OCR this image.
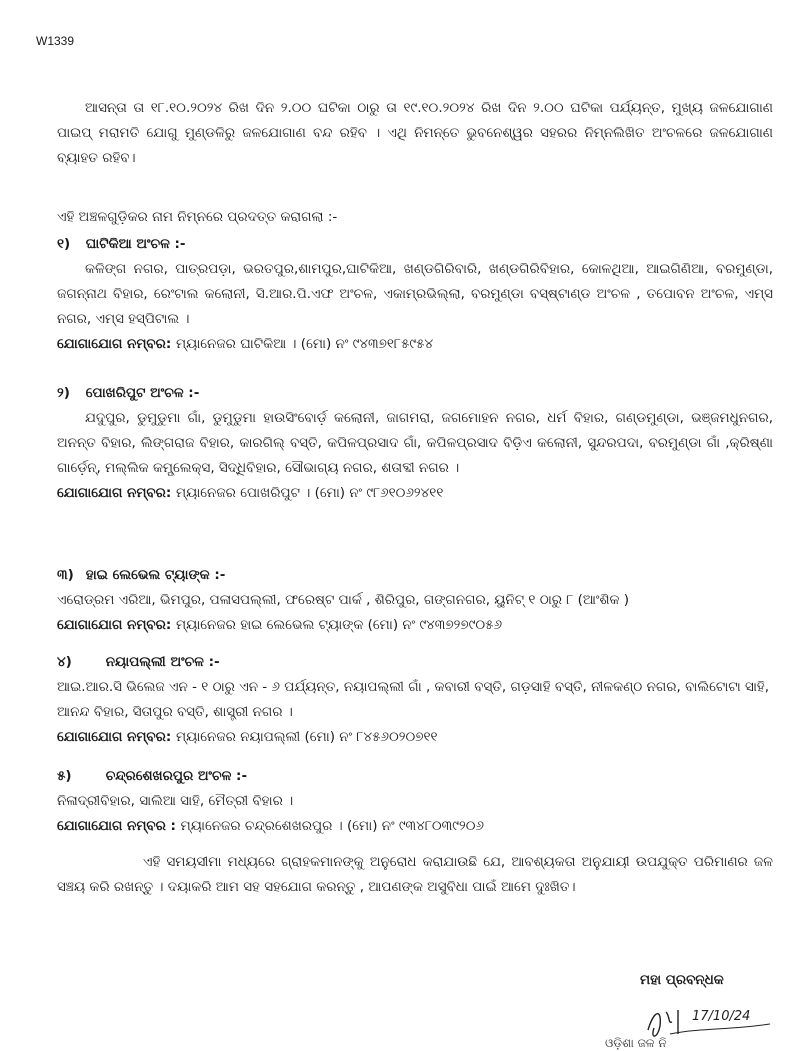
W1339
ଆସନ୍ତା ତା ୧୮.୧୦.୨୦୨୪ ରିଖ ଦିନ ୨.୦୦ ଘଟିକା ଠାରୁ ତା ୧୯.୧୦.୨୦୨୪ ରିଖ ଦିନ ୨.୦୦ ଘଟିକା ପର୍ଯ୍ୟନ୍ତ, ମୁଖ୍ୟ ଜଳଯୋଗାଣ ପାଇପ୍ ମରାମତି ଯୋଗୁ ମୁଣ୍ଡଳିରୁ ଜଳଯୋଗାଣ ବନ୍ଦ ରହିବ । ଏଥି ନିମନ୍ତେ ଭୁବନେଶ୍ୱର ସହରର ନିମ୍ନଲିଖିତ ଅଂଚଳରେ ଜଳଯୋଗାଣ ବ୍ୟାହତ ରହିବ।
ଏହି ଅଞ୍ଚଳଗୁଡ଼ିକର ନାମ ନିମ୍ନରେ ପ୍ରଦତ୍ତ କରାଗଲା :-
୧) ଘାଟିକିଆ ଅଂଚଳ :-
କଳିଙ୍ଗ ନଗର, ପାତ୍ରପଡ଼ା, ଭରତପୁର,ଶାମପୁର,ଘାଟିକିଆ, ଖଣ୍ଡଗିରିବାରି, ଖଣ୍ଡଗିରିବିହାର, କୋଳଥିଆ, ଆଇଗିଣିଆ, ବରମୁଣ୍ଡା, ଜଗନ୍ନାଥ ବିହାର, ରେଂଟାଲ କଲୋନୀ, ସି.ଆର.ପି.ଏଫ ଅଂଚଳ, ଏକାମ୍ରଭିଲ୍ଲା, ବରମୁଣ୍ଡା ବସ୍‌ଷ୍ଟାଣ୍ଡ ଅଂଚଳ , ତପୋବନ ଅଂଚଳ, ଏମ୍ସ ନଗର, ଏମ୍ସ ହସ୍ପିଟାଲ ।
ଯୋଗାଯୋଗ ନମ୍ବର: ମ୍ୟାନେଜର ଘାଟିକିଆ । (ମୋ) ନଂ ୯୪୩୭୧୮୫୯୫୪
୨) ପୋଖରିପୁଟ ଅଂଚଳ :-
ଯଦୁପୁର, ଡୁମୁଡୁମା ଗାଁ, ଡୁମୁଡୁମା ହାଉସିଂବୋର୍ଡ଼ କଲୋନୀ, ଜାଗମରା, ଜଗମୋହନ ନଗର, ଧର୍ମ ବିହାର, ଗଣ୍ଡମୁଣ୍ଡା, ଭଞ୍ଜମଧୁନଗର, ଅନନ୍ତ ବିହାର, ଲିଙ୍ଗରାଜ ବିହାର, କାରଗିଲ୍ ବସ୍ତି, କପିଳପ୍ରସାଦ ଗାଁ, କପିଳପ୍ରସାଦ ବିଡ଼ିଏ କଲୋନୀ, ସୁନ୍ଦରପଦା, ବରମୁଣ୍ଡା ଗାଁ ,କ୍ରିଷ୍ଣା ଗାର୍ଡ଼େନ୍, ମଲ୍ଲିକ କମ୍ପ୍ଲେକ୍ସ, ସିଦ୍ଧିବିହାର, ସୌଭାଗ୍ୟ ନଗର, ଶତାବ୍ଦୀ ନଗର ।
ଯୋଗାଯୋଗ ନମ୍ବର: ମ୍ୟାନେଜର ପୋଖରିପୁଟ । (ମୋ) ନଂ ୯୮୬୧୦୬୨୪୧୧
୩) ହାଇ ଲେଭେଲ ଟ୍ୟାଙ୍କ :-
ଏରୋଡ୍ରମ ଏରିଆ, ଭିମପୁର, ପଳାସପଲ୍ଲୀ, ଫରେଷ୍ଟ ପାର୍କ , ଶିରିପୁର, ଗଙ୍ଗନଗର, ୟୁନିଟ୍ ୧ ଠାରୁ ୮ (ଆଂଶିକ )
ଯୋଗାଯୋଗ ନମ୍ବର: ମ୍ୟାନେଜର ହାଇ ଲେଭେଲ ଟ୍ୟାଙ୍କ (ମୋ) ନଂ ୯୪୩୭୨୭୯୦୫୬
୪)	ନୟାପଲ୍ଲୀ ଅଂଚଳ :-
ଆଇ.ଆର.ସି ଭିଲେଜ ଏନ - ୧ ଠାରୁ ଏନ - ୬ ପର୍ଯ୍ୟନ୍ତ, ନୟାପଲ୍ଲୀ ଗାଁ , କବାରୀ ବସ୍ତି, ଗଡ଼ସାହି ବସ୍ତି, ନୀଳକଣ୍ଠ ନଗର, ବାଲିଟୋଟା ସାହି, ଆନନ୍ଦ ବିହାର, ସିତାପୁର ବସ୍ତି, ଶାସ୍ତ୍ରୀ ନଗର ।
ଯୋଗାଯୋଗ ନମ୍ବର: ମ୍ୟାନେଜର ନୟାପଲ୍ଲୀ (ମୋ) ନଂ ୮୪୫୬୦୨୦୭୧୧
୫)	ଚନ୍ଦ୍ରଶେଖରପୁର ଅଂଚଳ :-
ନିଳାଦ୍ରୀବିହାର, ସାଲିଆ ସାହି, ମୈତ୍ରୀ ବିହାର ।
ଯୋଗାଯୋଗ ନମ୍ବର : ମ୍ୟାନେଜର ଚନ୍ଦ୍ରଶେଖରପୁର । (ମୋ) ନଂ ୯୩୪୮୦୩୯୨୦୬
ଏହି ସମୟସୀମା ମଧ୍ୟରେ ଗ୍ରାହକମାନଙ୍କୁ ଅନୁରୋଧ କରାଯାଉଛି ଯେ, ଆବଶ୍ୟକତା ଅନୁଯାୟୀ ଉପଯୁକ୍ତ ପରିମାଣର ଜଳ ସଞ୍ଚୟ କରି ରଖନ୍ତୁ । ଦୟାକରି ଆମ ସହ ସହଯୋଗ କରନ୍ତୁ , ଆପଣଙ୍କ ଅସୁବିଧା ପାଇଁ ଆମେ ଦୁଃଖିତ।
ମହା ପ୍ରବନ୍ଧକ
17/10/24
ଓଡ଼ିଶା ଜଳ ନି
